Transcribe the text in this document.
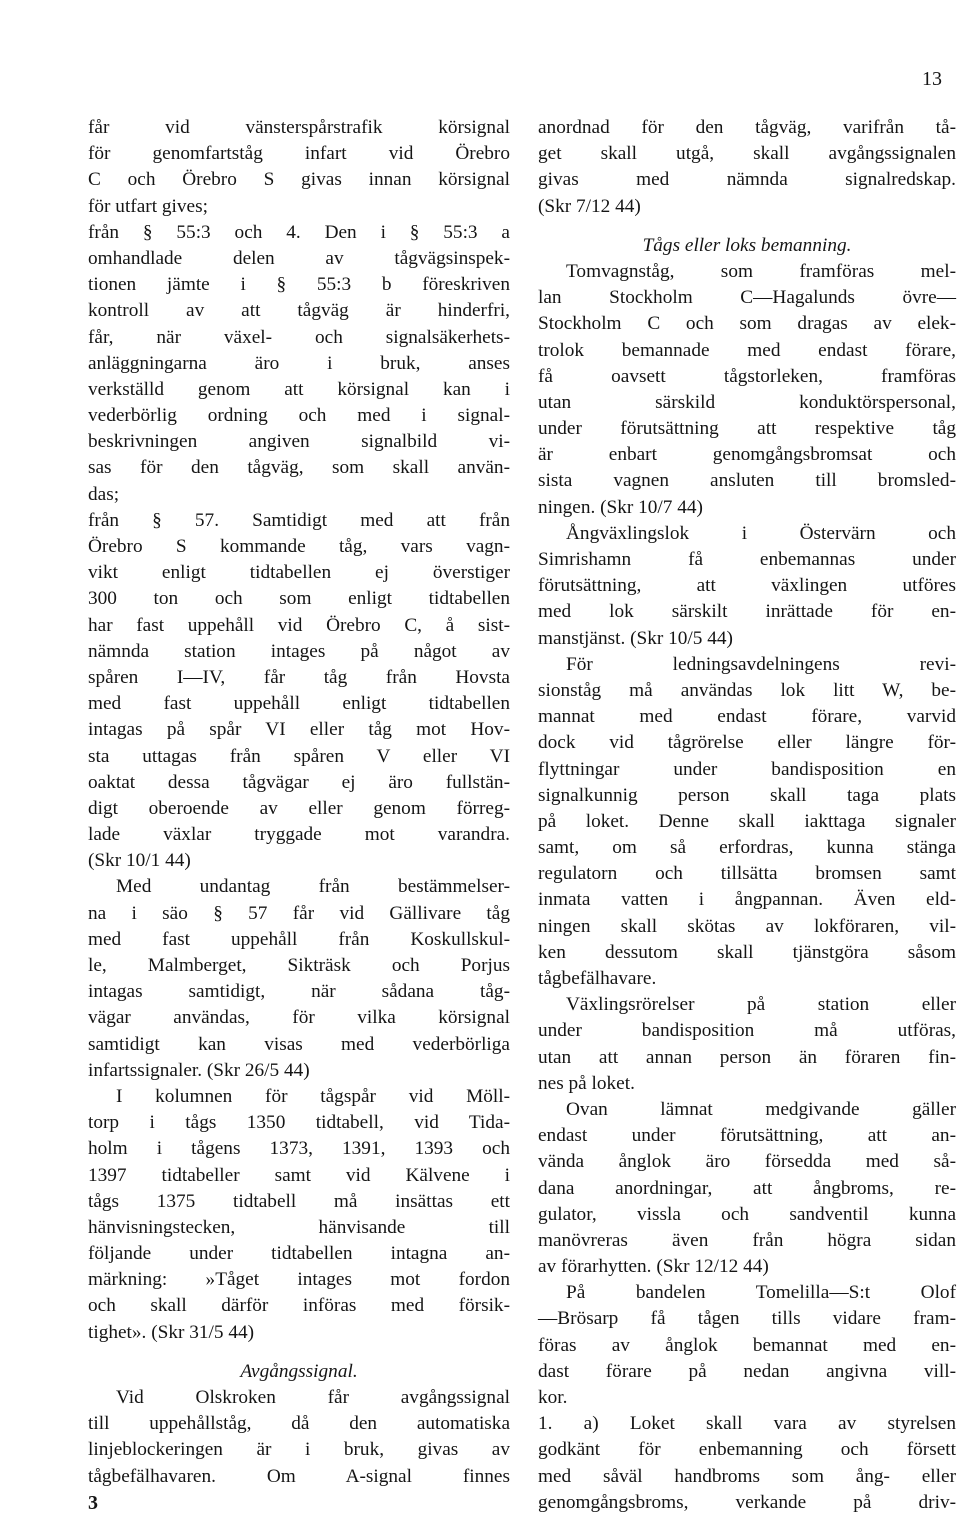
13
får vid vänsterspårstrafik körsignal
för genomfartståg infart vid Örebro
C och Örebro S givas innan körsignal
för utfart gives;
från § 55:3 och 4. Den i § 55:3 a
omhandlade delen av tågvägsinspek-
tionen jämte i § 55:3 b föreskriven
kontroll av att tågväg är hinderfri,
får, när växel- och signalsäkerhets-
anläggningarna äro i bruk, anses
verkställd genom att körsignal kan i
vederbörlig ordning och med i signal-
beskrivningen angiven signalbild vi-
sas för den tågväg, som skall använ-
das;
från § 57. Samtidigt med att från
Örebro S kommande tåg, vars vagn-
vikt enligt tidtabellen ej överstiger
300 ton och som enligt tidtabellen
har fast uppehåll vid Örebro C, å sist-
nämnda station intages på något av
spåren I—IV, får tåg från Hovsta
med fast uppehåll enligt tidtabellen
intagas på spår VI eller tåg mot Hov-
sta uttagas från spåren V eller VI
oaktat dessa tågvägar ej äro fullstän-
digt oberoende av eller genom förreg-
lade växlar tryggade mot varandra.
(Skr 10/1 44)
Med undantag från bestämmelser-
na i säo § 57 får vid Gällivare tåg
med fast uppehåll från Koskullskul-
le, Malmberget, Sikträsk och Porjus
intagas samtidigt, när sådana tåg-
vägar användas, för vilka körsignal
samtidigt kan visas med vederbörliga
infartssignaler. (Skr 26/5 44)
I kolumnen för tågspår vid Möll-
torp i tågs 1350 tidtabell, vid Tida-
holm i tågens 1373, 1391, 1393 och
1397 tidtabeller samt vid Kälvene i
tågs 1375 tidtabell må insättas ett
hänvisningstecken, hänvisande till
följande under tidtabellen intagna an-
märkning: »Tåget intages mot fordon
och skall därför införas med försik-
tighet». (Skr 31/5 44)
Avgångssignal.
Vid Olskroken får avgångssignal
till uppehållståg, då den automatiska
linjeblockeringen är i bruk, givas av
tågbefälhavaren. Om A-signal finnes
anordnad för den tågväg, varifrån tå-
get skall utgå, skall avgångssignalen
givas med nämnda signalredskap.
(Skr 7/12 44)
Tågs eller loks bemanning.
Tomvagnståg, som framföras mel-
lan Stockholm C—Hagalunds övre—
Stockholm C och som dragas av elek-
trolok bemannade med endast förare,
få oavsett tågstorleken, framföras
utan särskild konduktörspersonal,
under förutsättning att respektive tåg
är enbart genomgångsbromsat och
sista vagnen ansluten till bromsled-
ningen. (Skr 10/7 44)
Ångväxlingslok i Östervärn och
Simrishamn få enbemannas under
förutsättning, att växlingen utföres
med lok särskilt inrättade för en-
manstjänst. (Skr 10/5 44)
För ledningsavdelningens revi-
sionståg må användas lok litt W, be-
mannat med endast förare, varvid
dock vid tågrörelse eller längre för-
flyttningar under bandisposition en
signalkunnig person skall taga plats
på loket. Denne skall iakttaga signaler
samt, om så erfordras, kunna stänga
regulatorn och tillsätta bromsen samt
inmata vatten i ångpannan. Även eld-
ningen skall skötas av lokföraren, vil-
ken dessutom skall tjänstgöra såsom
tågbefälhavare.
Växlingsrörelser på station eller
under bandisposition må utföras,
utan att annan person än föraren fin-
nes på loket.
Ovan lämnat medgivande gäller
endast under förutsättning, att an-
vända ånglok äro försedda med så-
dana anordningar, att ångbroms, re-
gulator, vissla och sandventil kunna
manövreras även från högra sidan
av förarhytten. (Skr 12/12 44)
På bandelen Tomelilla—S:t Olof
—Brösarp få tågen tills vidare fram-
föras av ånglok bemannat med en-
dast förare på nedan angivna vill-
kor.
1. a) Loket skall vara av styrelsen
godkänt för enbemanning och försett
med såväl handbroms som ång- eller
genomgångsbroms, verkande på driv-
3
